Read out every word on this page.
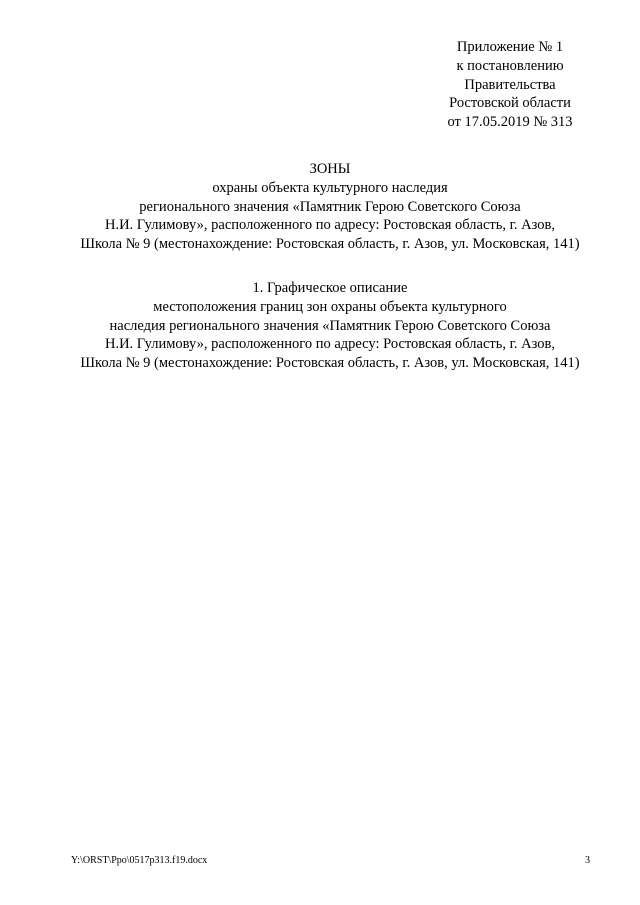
Приложение № 1
к постановлению
Правительства
Ростовской области
от 17.05.2019 № 313
ЗОНЫ
охраны объекта культурного наследия
регионального значения «Памятник Герою Советского Союза
Н.И. Гулимову», расположенного по адресу: Ростовская область, г. Азов,
Школа № 9 (местонахождение: Ростовская область, г. Азов, ул. Московская, 141)
1. Графическое описание
местоположения границ зон охраны объекта культурного
наследия регионального значения «Памятник Герою Советского Союза
Н.И. Гулимову», расположенного по адресу: Ростовская область, г. Азов,
Школа № 9 (местонахождение: Ростовская область, г. Азов, ул. Московская, 141)
Y:\ORST\Ppo\0517p313.f19.docx	3
